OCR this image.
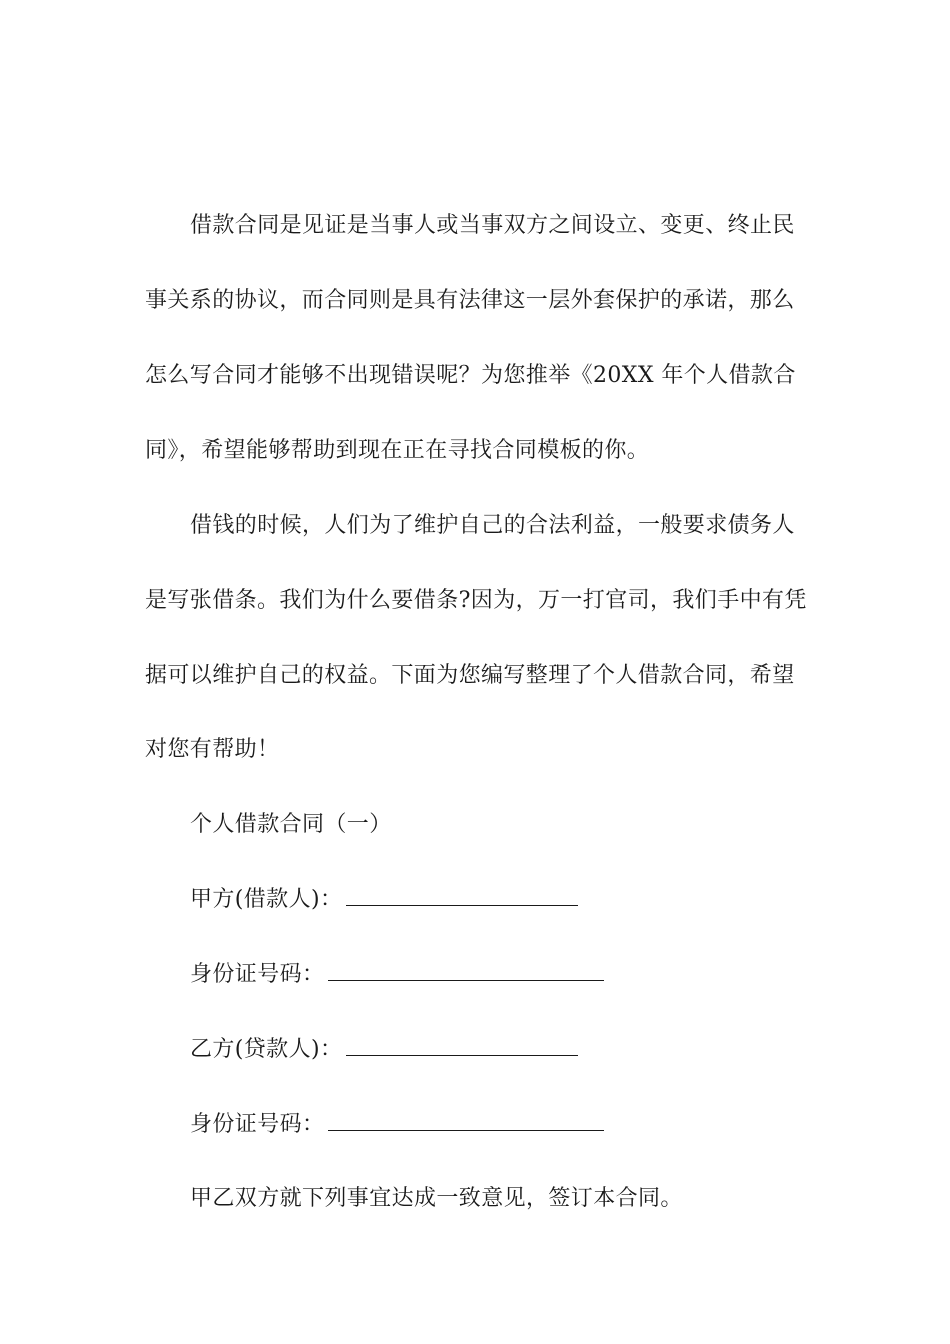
借款合同是见证是当事人或当事双方之间设立、变更、终止民
事关系的协议，而合同则是具有法律这一层外套保护的承诺，那么
怎么写合同才能够不出现错误呢？为您推举《20XX 年个人借款合
同》，希望能够帮助到现在正在寻找合同模板的你。
借钱的时候，人们为了维护自己的合法利益，一般要求债务人
是写张借条。我们为什么要借条?因为，万一打官司，我们手中有凭
据可以维护自己的权益。下面为您编写整理了个人借款合同，希望
对您有帮助！
个人借款合同（一）
甲方(借款人)：
身份证号码：
乙方(贷款人)：
身份证号码：
甲乙双方就下列事宜达成一致意见，签订本合同。
